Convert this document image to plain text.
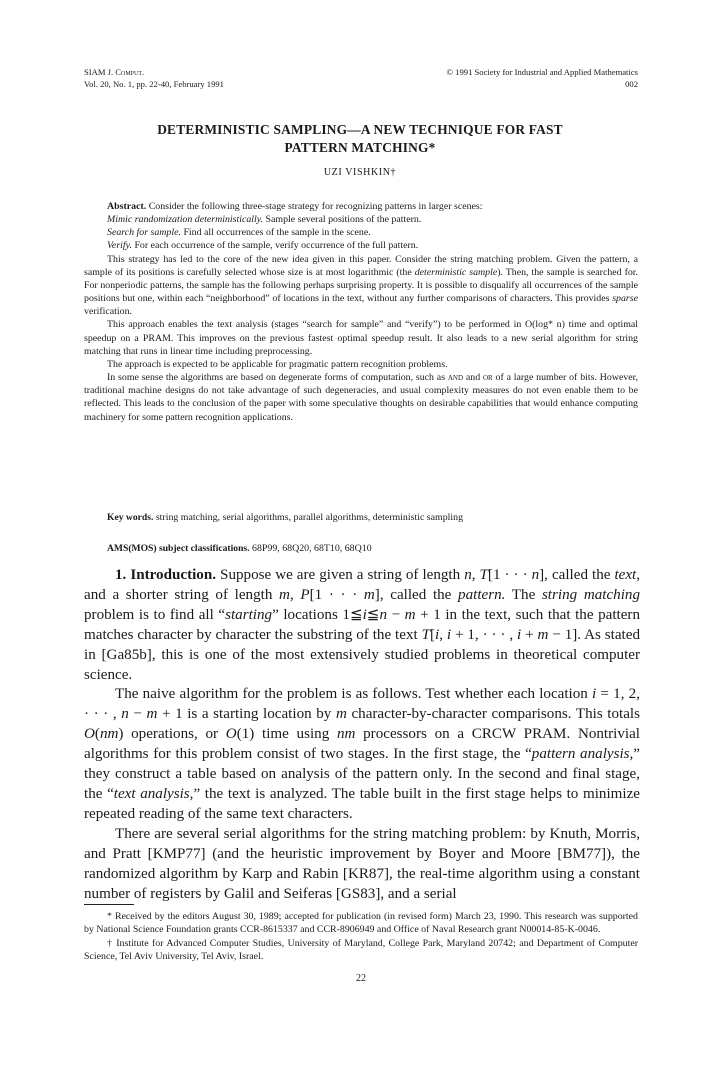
SIAM J. Comput.
Vol. 20, No. 1, pp. 22-40, February 1991
© 1991 Society for Industrial and Applied Mathematics
002
DETERMINISTIC SAMPLING—A NEW TECHNIQUE FOR FAST
PATTERN MATCHING*
UZI VISHKIN†

Abstract. Consider the following three-stage strategy for recognizing patterns in larger scenes:

Mimic randomization deterministically. Sample several positions of the pattern.

Search for sample. Find all occurrences of the sample in the scene.

Verify. For each occurrence of the sample, verify occurrence of the full pattern.

This strategy has led to the core of the new idea given in this paper. Consider the string matching problem. Given the pattern, a sample of its positions is carefully selected whose size is at most logarithmic (the deterministic sample). Then, the sample is searched for. For nonperiodic patterns, the sample has the following perhaps surprising property. It is possible to disqualify all occurrences of the sample positions but one, within each “neighborhood” of locations in the text, without any further comparisons of characters. This provides sparse verification.

This approach enables the text analysis (stages “search for sample” and “verify”) to be performed in O(log* n) time and optimal speedup on a PRAM. This improves on the previous fastest optimal speedup result. It also leads to a new serial algorithm for string matching that runs in linear time including preprocessing.

The approach is expected to be applicable for pragmatic pattern recognition problems.

In some sense the algorithms are based on degenerate forms of computation, such as and and or of a large number of bits. However, traditional machine designs do not take advantage of such degeneracies, and usual complexity measures do not even enable them to be reflected. This leads to the conclusion of the paper with some speculative thoughts on desirable capabilities that would enhance computing machinery for some pattern recognition applications.

Key words. string matching, serial algorithms, parallel algorithms, deterministic sampling
AMS(MOS) subject classifications. 68P99, 68Q20, 68T10, 68Q10

1. Introduction. Suppose we are given a string of length n, T[1 · · · n], called the text, and a shorter string of length m, P[1 · · · m], called the pattern. The string matching problem is to find all “starting” locations 1≦i≦n − m + 1 in the text, such that the pattern matches character by character the substring of the text T[i, i + 1, · · · , i + m − 1]. As stated in [Ga85b], this is one of the most extensively studied problems in theoretical computer science.

The naive algorithm for the problem is as follows. Test whether each location i = 1, 2, · · · , n − m + 1 is a starting location by m character-by-character comparisons. This totals O(nm) operations, or O(1) time using nm processors on a CRCW PRAM. Nontrivial algorithms for this problem consist of two stages. In the first stage, the “pattern analysis,” they construct a table based on analysis of the pattern only. In the second and final stage, the “text analysis,” the text is analyzed. The table built in the first stage helps to minimize repeated reading of the same text characters.

There are several serial algorithms for the string matching problem: by Knuth, Morris, and Pratt [KMP77] (and the heuristic improvement by Boyer and Moore [BM77]), the randomized algorithm by Karp and Rabin [KR87], the real-time algorithm using a constant number of registers by Galil and Seiferas [GS83], and a serial

* Received by the editors August 30, 1989; accepted for publication (in revised form) March 23, 1990. This research was supported by National Science Foundation grants CCR-8615337 and CCR-8906949 and Office of Naval Research grant N00014-85-K-0046.

† Institute for Advanced Computer Studies, University of Maryland, College Park, Maryland 20742; and Department of Computer Science, Tel Aviv University, Tel Aviv, Israel.

22
